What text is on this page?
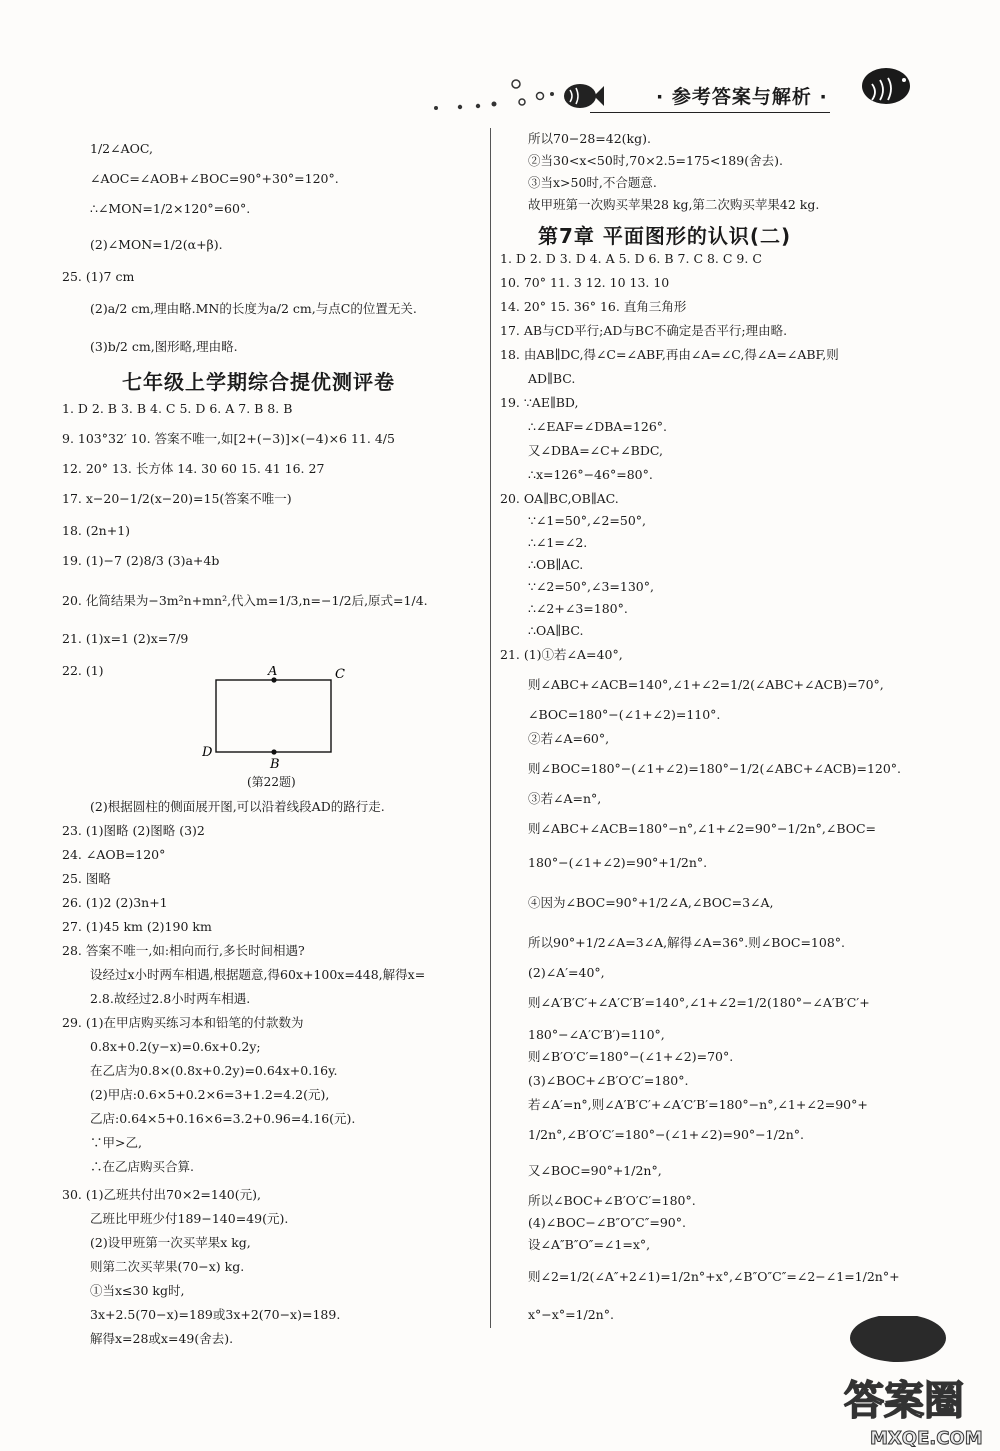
· 参考答案与解析 ·
七年级上学期综合提优测评卷
A	C
D
B
(第22题)
1/2∠AOC,
∠AOC=∠AOB+∠BOC=90°+30°=120°.
∴∠MON=1/2×120°=60°.
(2)∠MON=1/2(α+β).
25. (1)7 cm
(2)a/2 cm,理由略.MN的长度为a/2 cm,与点C的位置无关.
(3)b/2 cm,图形略,理由略.
1. D 2. B 3. B 4. C 5. D 6. A 7. B 8. B
9. 103°32′ 10. 答案不唯一,如[2+(−3)]×(−4)×6 11. 4/5
12. 20° 13. 长方体 14. 30 60 15. 41 16. 27
17. x−20−1/2(x−20)=15(答案不唯一)
18. (2n+1)
19. (1)−7 (2)8/3 (3)a+4b
20. 化简结果为−3m²n+mn²,代入m=1/3,n=−1/2后,原式=1/4.
21. (1)x=1 (2)x=7/9
22. (1)
(2)根据圆柱的侧面展开图,可以沿着线段AD的路行走.
23. (1)图略 (2)图略 (3)2
24. ∠AOB=120°
25. 图略
26. (1)2 (2)3n+1
27. (1)45 km (2)190 km
28. 答案不唯一,如:相向而行,多长时间相遇?
设经过x小时两车相遇,根据题意,得60x+100x=448,解得x=
2.8.故经过2.8小时两车相遇.
29. (1)在甲店购买练习本和铅笔的付款数为
0.8x+0.2(y−x)=0.6x+0.2y;
在乙店为0.8×(0.8x+0.2y)=0.64x+0.16y.
(2)甲店:0.6×5+0.2×6=3+1.2=4.2(元),
乙店:0.64×5+0.16×6=3.2+0.96=4.16(元).
∵甲>乙,
∴在乙店购买合算.
30. (1)乙班共付出70×2=140(元),
乙班比甲班少付189−140=49(元).
(2)设甲班第一次买苹果x kg,
则第二次买苹果(70−x) kg.
①当x≤30 kg时,
3x+2.5(70−x)=189或3x+2(70−x)=189.
解得x=28或x=49(舍去).
第7章 平面图形的认识(二)
所以70−28=42(kg).
②当30<x<50时,70×2.5=175<189(舍去).
③当x>50时,不合题意.
故甲班第一次购买苹果28 kg,第二次购买苹果42 kg.
1. D 2. D 3. D 4. A 5. D 6. B 7. C 8. C 9. C
10. 70° 11. 3 12. 10 13. 10
14. 20° 15. 36° 16. 直角三角形
17. AB与CD平行;AD与BC不确定是否平行;理由略.
18. 由AB∥DC,得∠C=∠ABF,再由∠A=∠C,得∠A=∠ABF,则
AD∥BC.
19. ∵AE∥BD,
∴∠EAF=∠DBA=126°.
又∠DBA=∠C+∠BDC,
∴x=126°−46°=80°.
20. OA∥BC,OB∥AC.
∵∠1=50°,∠2=50°,
∴∠1=∠2.
∴OB∥AC.
∵∠2=50°,∠3=130°,
∴∠2+∠3=180°.
∴OA∥BC.
21. (1)①若∠A=40°,
则∠ABC+∠ACB=140°,∠1+∠2=1/2(∠ABC+∠ACB)=70°,
∠BOC=180°−(∠1+∠2)=110°.
②若∠A=60°,
则∠BOC=180°−(∠1+∠2)=180°−1/2(∠ABC+∠ACB)=120°.
③若∠A=n°,
则∠ABC+∠ACB=180°−n°,∠1+∠2=90°−1/2n°,∠BOC=
180°−(∠1+∠2)=90°+1/2n°.
④因为∠BOC=90°+1/2∠A,∠BOC=3∠A,
所以90°+1/2∠A=3∠A,解得∠A=36°.则∠BOC=108°.
(2)∠A′=40°,
则∠A′B′C′+∠A′C′B′=140°,∠1+∠2=1/2(180°−∠A′B′C′+
180°−∠A′C′B′)=110°,
则∠B′O′C′=180°−(∠1+∠2)=70°.
(3)∠BOC+∠B′O′C′=180°.
若∠A′=n°,则∠A′B′C′+∠A′C′B′=180°−n°,∠1+∠2=90°+
1/2n°,∠B′O′C′=180°−(∠1+∠2)=90°−1/2n°.
又∠BOC=90°+1/2n°,
所以∠BOC+∠B′O′C′=180°.
(4)∠BOC−∠B″O″C″=90°.
设∠A″B″O″=∠1=x°,
则∠2=1/2(∠A″+2∠1)=1/2n°+x°,∠B″O″C″=∠2−∠1=1/2n°+
x°−x°=1/2n°.
答案圈
MXQE.COM
